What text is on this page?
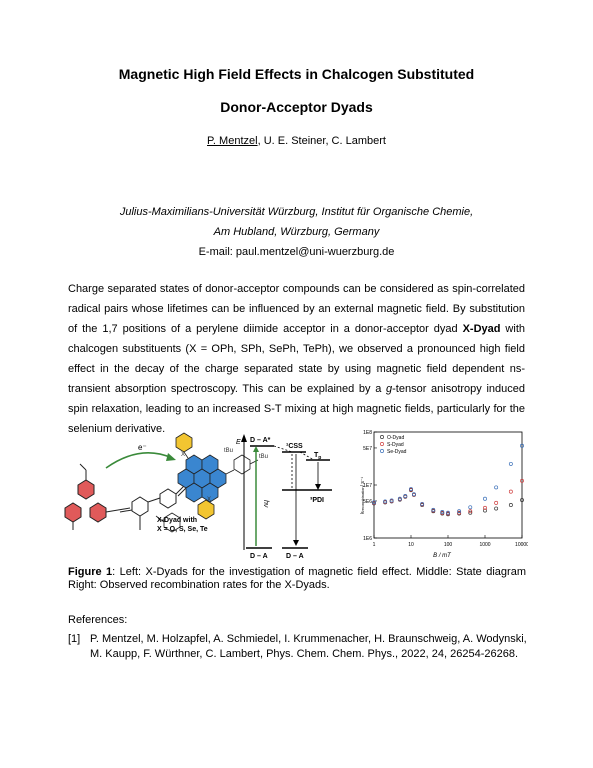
Magnetic High Field Effects in Chalcogen Substituted
Donor-Acceptor Dyads
P. Mentzel, U. E. Steiner, C. Lambert
Julius-Maximilians-Universität Würzburg, Institut für Organische Chemie,
Am Hubland, Würzburg, Germany
E-mail: paul.mentzel@uni-wuerzburg.de
Charge separated states of donor-acceptor compounds can be considered as spin-correlated radical pairs whose lifetimes can be influenced by an external magnetic field. By substitution of the 1,7 positions of a perylene diimide acceptor in a donor-acceptor dyad X-Dyad with chalcogen substituents (X = OPh, SPh, SePh, TePh), we observed a pronounced high field effect in the decay of the charge separated state by using magnetic field dependent ns-transient absorption spectroscopy. This can be explained by a g-tensor anisotropy induced spin relaxation, leading to an increased S-T mixing at high magnetic fields, particularly for the selenium derivative.
tBu
tBu
X
X
e⁻
X-Dyad with
X = O, S, Se, Te
E D – A*
hν
¹CSS
$T_p$
³PDI
D – A	D – A
1E8
5E7
1E7
5E6
1E6
1	10	100	1000	10000
O-Dyad
S-Dyad
Se-Dyad
krecombination/ s⁻¹
B / mT
Figure 1: Left: X-Dyads for the investigation of magnetic field effect. Middle: State diagram Right: Observed recombination rates for the X-Dyads.
References:
[1] P. Mentzel, M. Holzapfel, A. Schmiedel, I. Krummenacher, H. Braunschweig, A. Wodynski, M. Kaupp, F. Würthner, C. Lambert, Phys. Chem. Chem. Phys., 2022, 24, 26254-26268.
